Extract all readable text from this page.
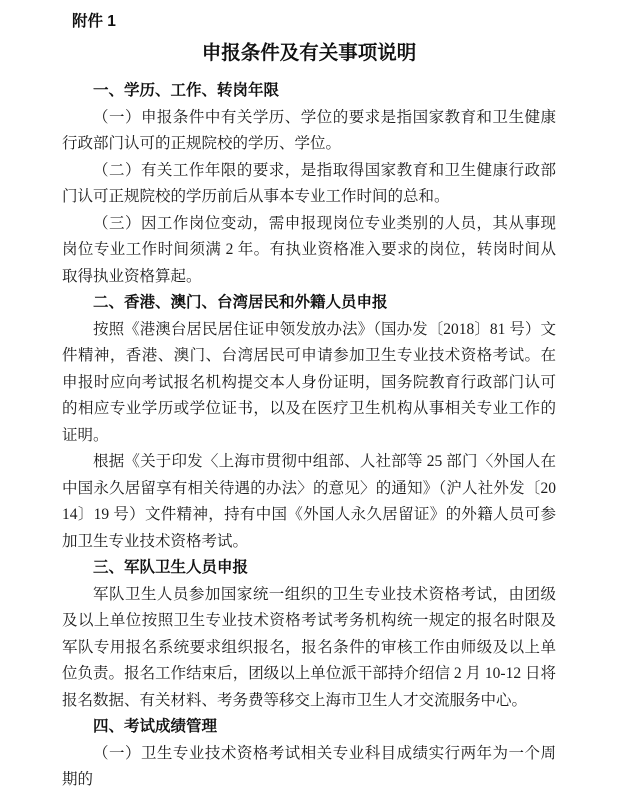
附件 1
申报条件及有关事项说明
一、学历、工作、转岗年限

（一）申报条件中有关学历、学位的要求是指国家教育和卫生健康行政部门认可的正规院校的学历、学位。

（二）有关工作年限的要求，是指取得国家教育和卫生健康行政部门认可正规院校的学历前后从事本专业工作时间的总和。

（三）因工作岗位变动，需申报现岗位专业类别的人员，其从事现岗位专业工作时间须满 2 年。有执业资格准入要求的岗位，转岗时间从取得执业资格算起。

二、香港、澳门、台湾居民和外籍人员申报

按照《港澳台居民居住证申领发放办法》（国办发〔2018〕81 号）文件精神，香港、澳门、台湾居民可申请参加卫生专业技术资格考试。在申报时应向考试报名机构提交本人身份证明，国务院教育行政部门认可的相应专业学历或学位证书，以及在医疗卫生机构从事相关专业工作的证明。

根据《关于印发〈上海市贯彻中组部、人社部等 25 部门〈外国人在中国永久居留享有相关待遇的办法〉的意见〉的通知》（沪人社外发〔2014〕19 号）文件精神，持有中国《外国人永久居留证》的外籍人员可参加卫生专业技术资格考试。

三、军队卫生人员申报

军队卫生人员参加国家统一组织的卫生专业技术资格考试，由团级及以上单位按照卫生专业技术资格考试考务机构统一规定的报名时限及军队专用报名系统要求组织报名，报名条件的审核工作由师级及以上单位负责。报名工作结束后，团级以上单位派干部持介绍信 2 月 10-12 日将报名数据、有关材料、考务费等移交上海市卫生人才交流服务中心。

四、考试成绩管理

（一）卫生专业技术资格考试相关专业科目成绩实行两年为一个周期的
